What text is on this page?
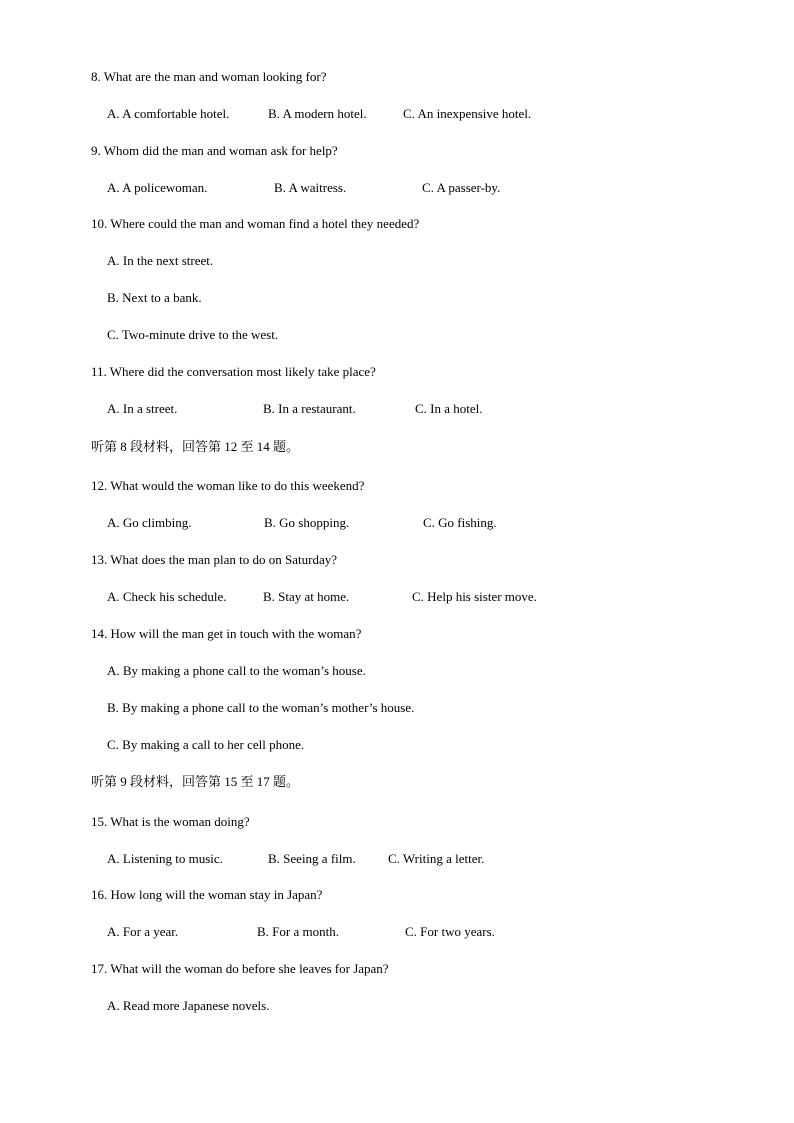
8. What are the man and woman looking for?
A. A comfortable hotel.	B. A modern hotel.	C. An inexpensive hotel.
9. Whom did the man and woman ask for help?
A. A policewoman.	B. A waitress.	C. A passer-by.
10. Where could the man and woman find a hotel they needed?
A. In the next street.
B. Next to a bank.
C. Two-minute drive to the west.
11. Where did the conversation most likely take place?
A. In a street.	B. In a restaurant.	C. In a hotel.
听第 8 段材料，回答第 12 至 14 题。
12. What would the woman like to do this weekend?
A. Go climbing.	B. Go shopping.	C. Go fishing.
13. What does the man plan to do on Saturday?
A. Check his schedule.	B. Stay at home.	C. Help his sister move.
14. How will the man get in touch with the woman?
A. By making a phone call to the woman’s house.
B. By making a phone call to the woman’s mother’s house.
C. By making a call to her cell phone.
听第 9 段材料，回答第 15 至 17 题。
15. What is the woman doing?
A. Listening to music.	B. Seeing a film. C. Writing a letter.
16. How long will the woman stay in Japan?
A. For a year.	B. For a month.	C. For two years.
17. What will the woman do before she leaves for Japan?
A. Read more Japanese novels.
